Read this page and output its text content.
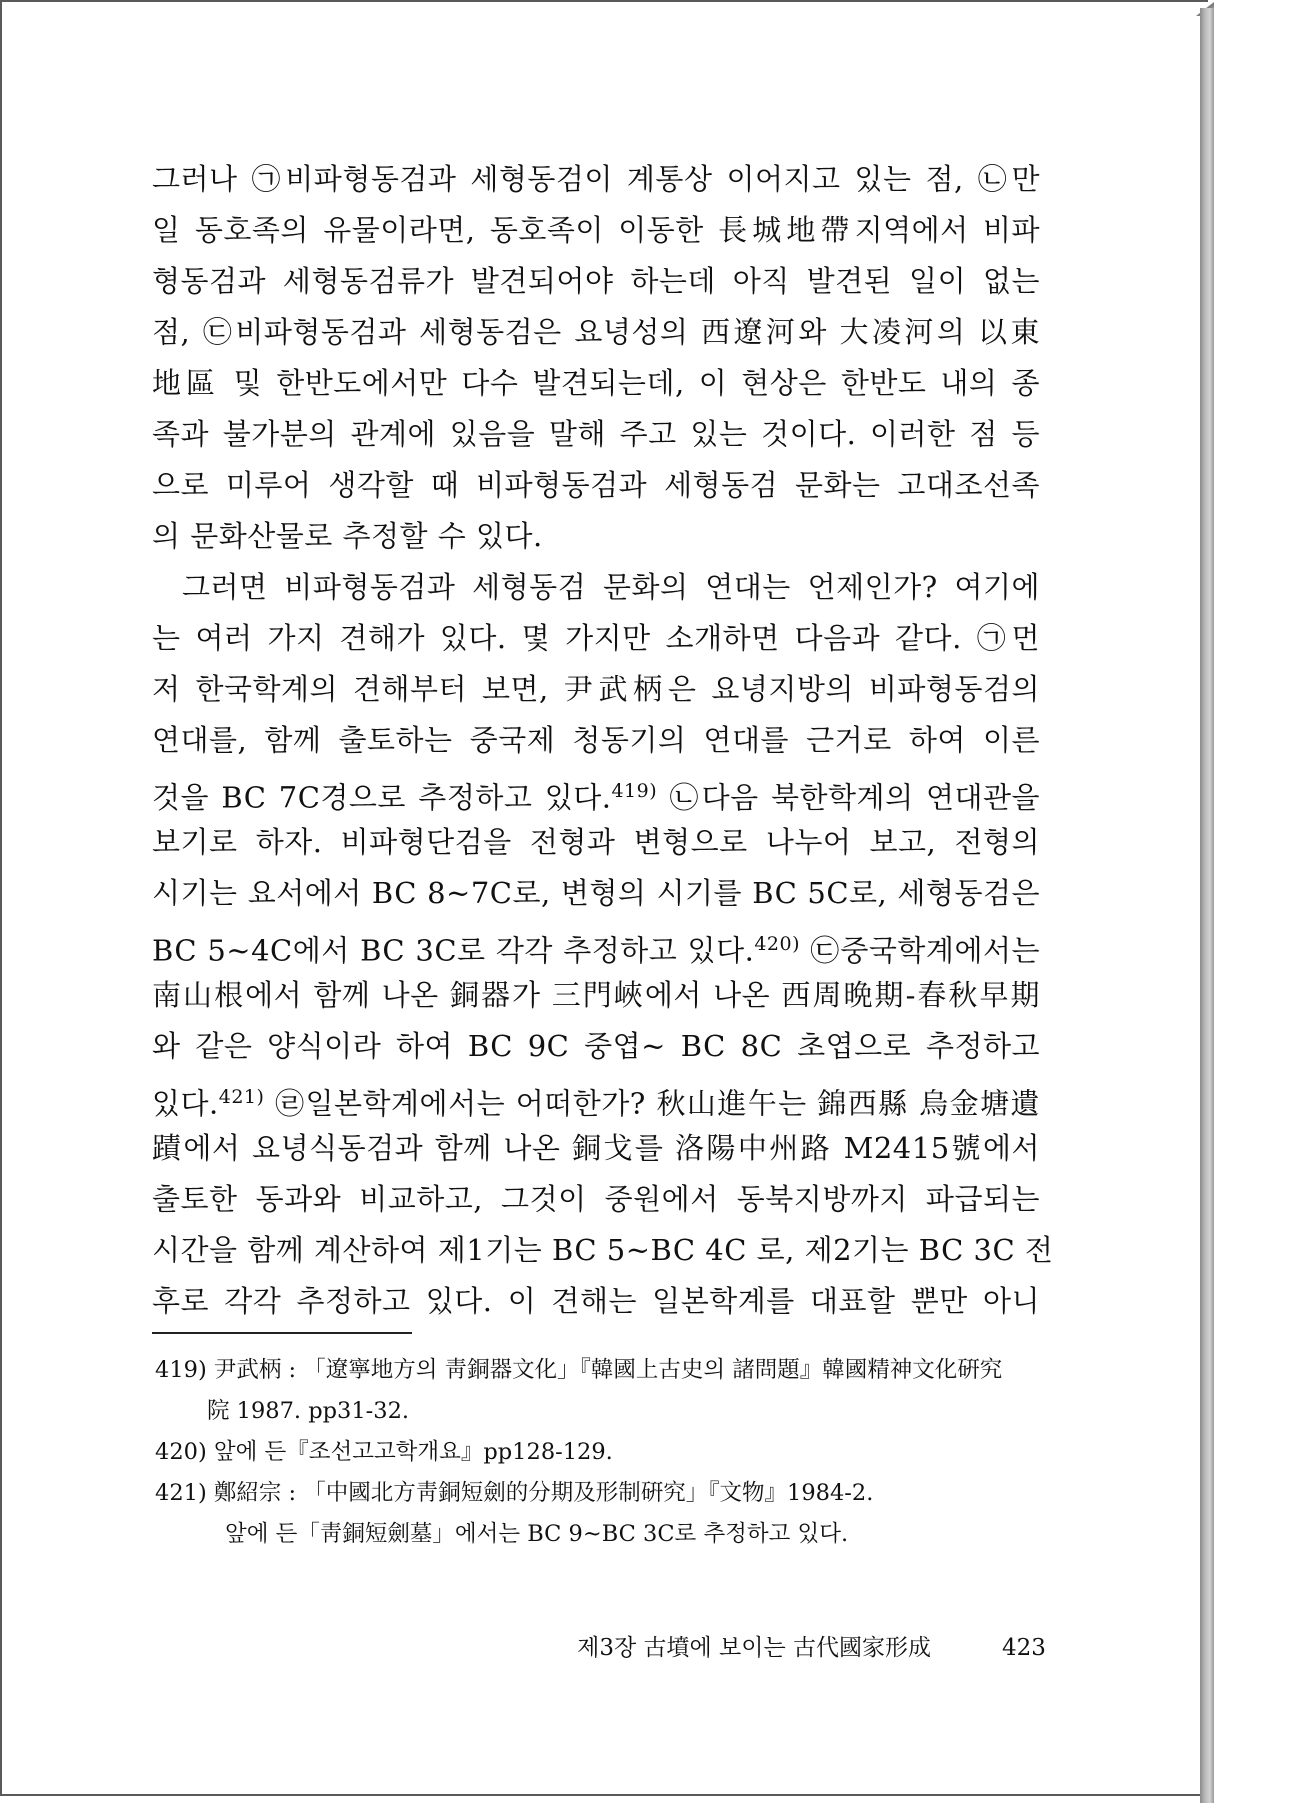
그러나 ㉠비파형동검과 세형동검이 계통상 이어지고 있는 점, ㉡만
일 동호족의 유물이라면, 동호족이 이동한 長城地帶지역에서 비파
형동검과 세형동검류가 발견되어야 하는데 아직 발견된 일이 없는
점, ㉢비파형동검과 세형동검은 요녕성의 西遼河와 大凌河의 以東
地區 및 한반도에서만 다수 발견되는데, 이 현상은 한반도 내의 종
족과 불가분의 관계에 있음을 말해 주고 있는 것이다. 이러한 점 등
으로 미루어 생각할 때 비파형동검과 세형동검 문화는 고대조선족
의 문화산물로 추정할 수 있다.
그러면 비파형동검과 세형동검 문화의 연대는 언제인가? 여기에
는 여러 가지 견해가 있다. 몇 가지만 소개하면 다음과 같다. ㉠먼
저 한국학계의 견해부터 보면, 尹武柄은 요녕지방의 비파형동검의
연대를, 함께 출토하는 중국제 청동기의 연대를 근거로 하여 이른
것을 BC 7C경으로 추정하고 있다.$^{419)}$ ㉡다음 북한학계의 연대관을
보기로 하자. 비파형단검을 전형과 변형으로 나누어 보고, 전형의
시기는 요서에서 BC 8~7C로, 변형의 시기를 BC 5C로, 세형동검은
BC 5~4C에서 BC 3C로 각각 추정하고 있다.$^{420)}$ ㉢중국학계에서는
南山根에서 함께 나온 銅器가 三門峽에서 나온 西周晩期-春秋早期
와 같은 양식이라 하여 BC 9C 중엽~ BC 8C 초엽으로 추정하고
있다.$^{421)}$ ㉣일본학계에서는 어떠한가? 秋山進午는 錦西縣 烏金塘遺
蹟에서 요녕식동검과 함께 나온 銅戈를 洛陽中州路 M2415號에서
출토한 동과와 비교하고, 그것이 중원에서 동북지방까지 파급되는
시간을 함께 계산하여 제1기는 BC 5~BC 4C 로, 제2기는 BC 3C 전
후로 각각 추정하고 있다. 이 견해는 일본학계를 대표할 뿐만 아니
419) 尹武柄 : 「遼寧地方의 靑銅器文化」『韓國上古史의 諸問題』韓國精神文化硏究
院 1987. pp31-32.
420) 앞에 든『조선고고학개요』pp128-129.
421) 鄭紹宗 : 「中國北方靑銅短劍的分期及形制硏究」『文物』1984-2.
앞에 든「靑銅短劍墓」에서는 BC 9~BC 3C로 추정하고 있다.
제3장 古墳에 보이는 古代國家形成	423
